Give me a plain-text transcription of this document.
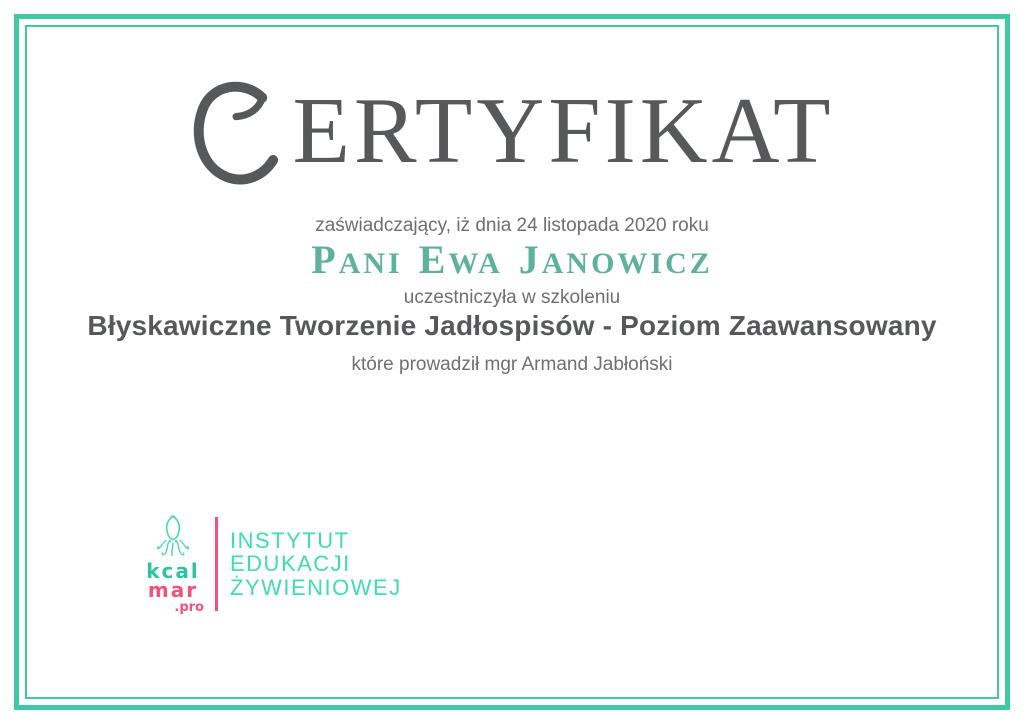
ERTYFIKAT

zaświadczający, iż dnia 24 listopada 2020 roku

PANI EWA JANOWICZ

uczestniczyła w szkoleniu

Błyskawiczne Tworzenie Jadłospisów - Poziom Zaawansowany

które prowadził mgr Armand Jabłoński

kcal
mar
.pro
INSTYTUT
EDUKACJI
ŻYWIENIOWEJ
